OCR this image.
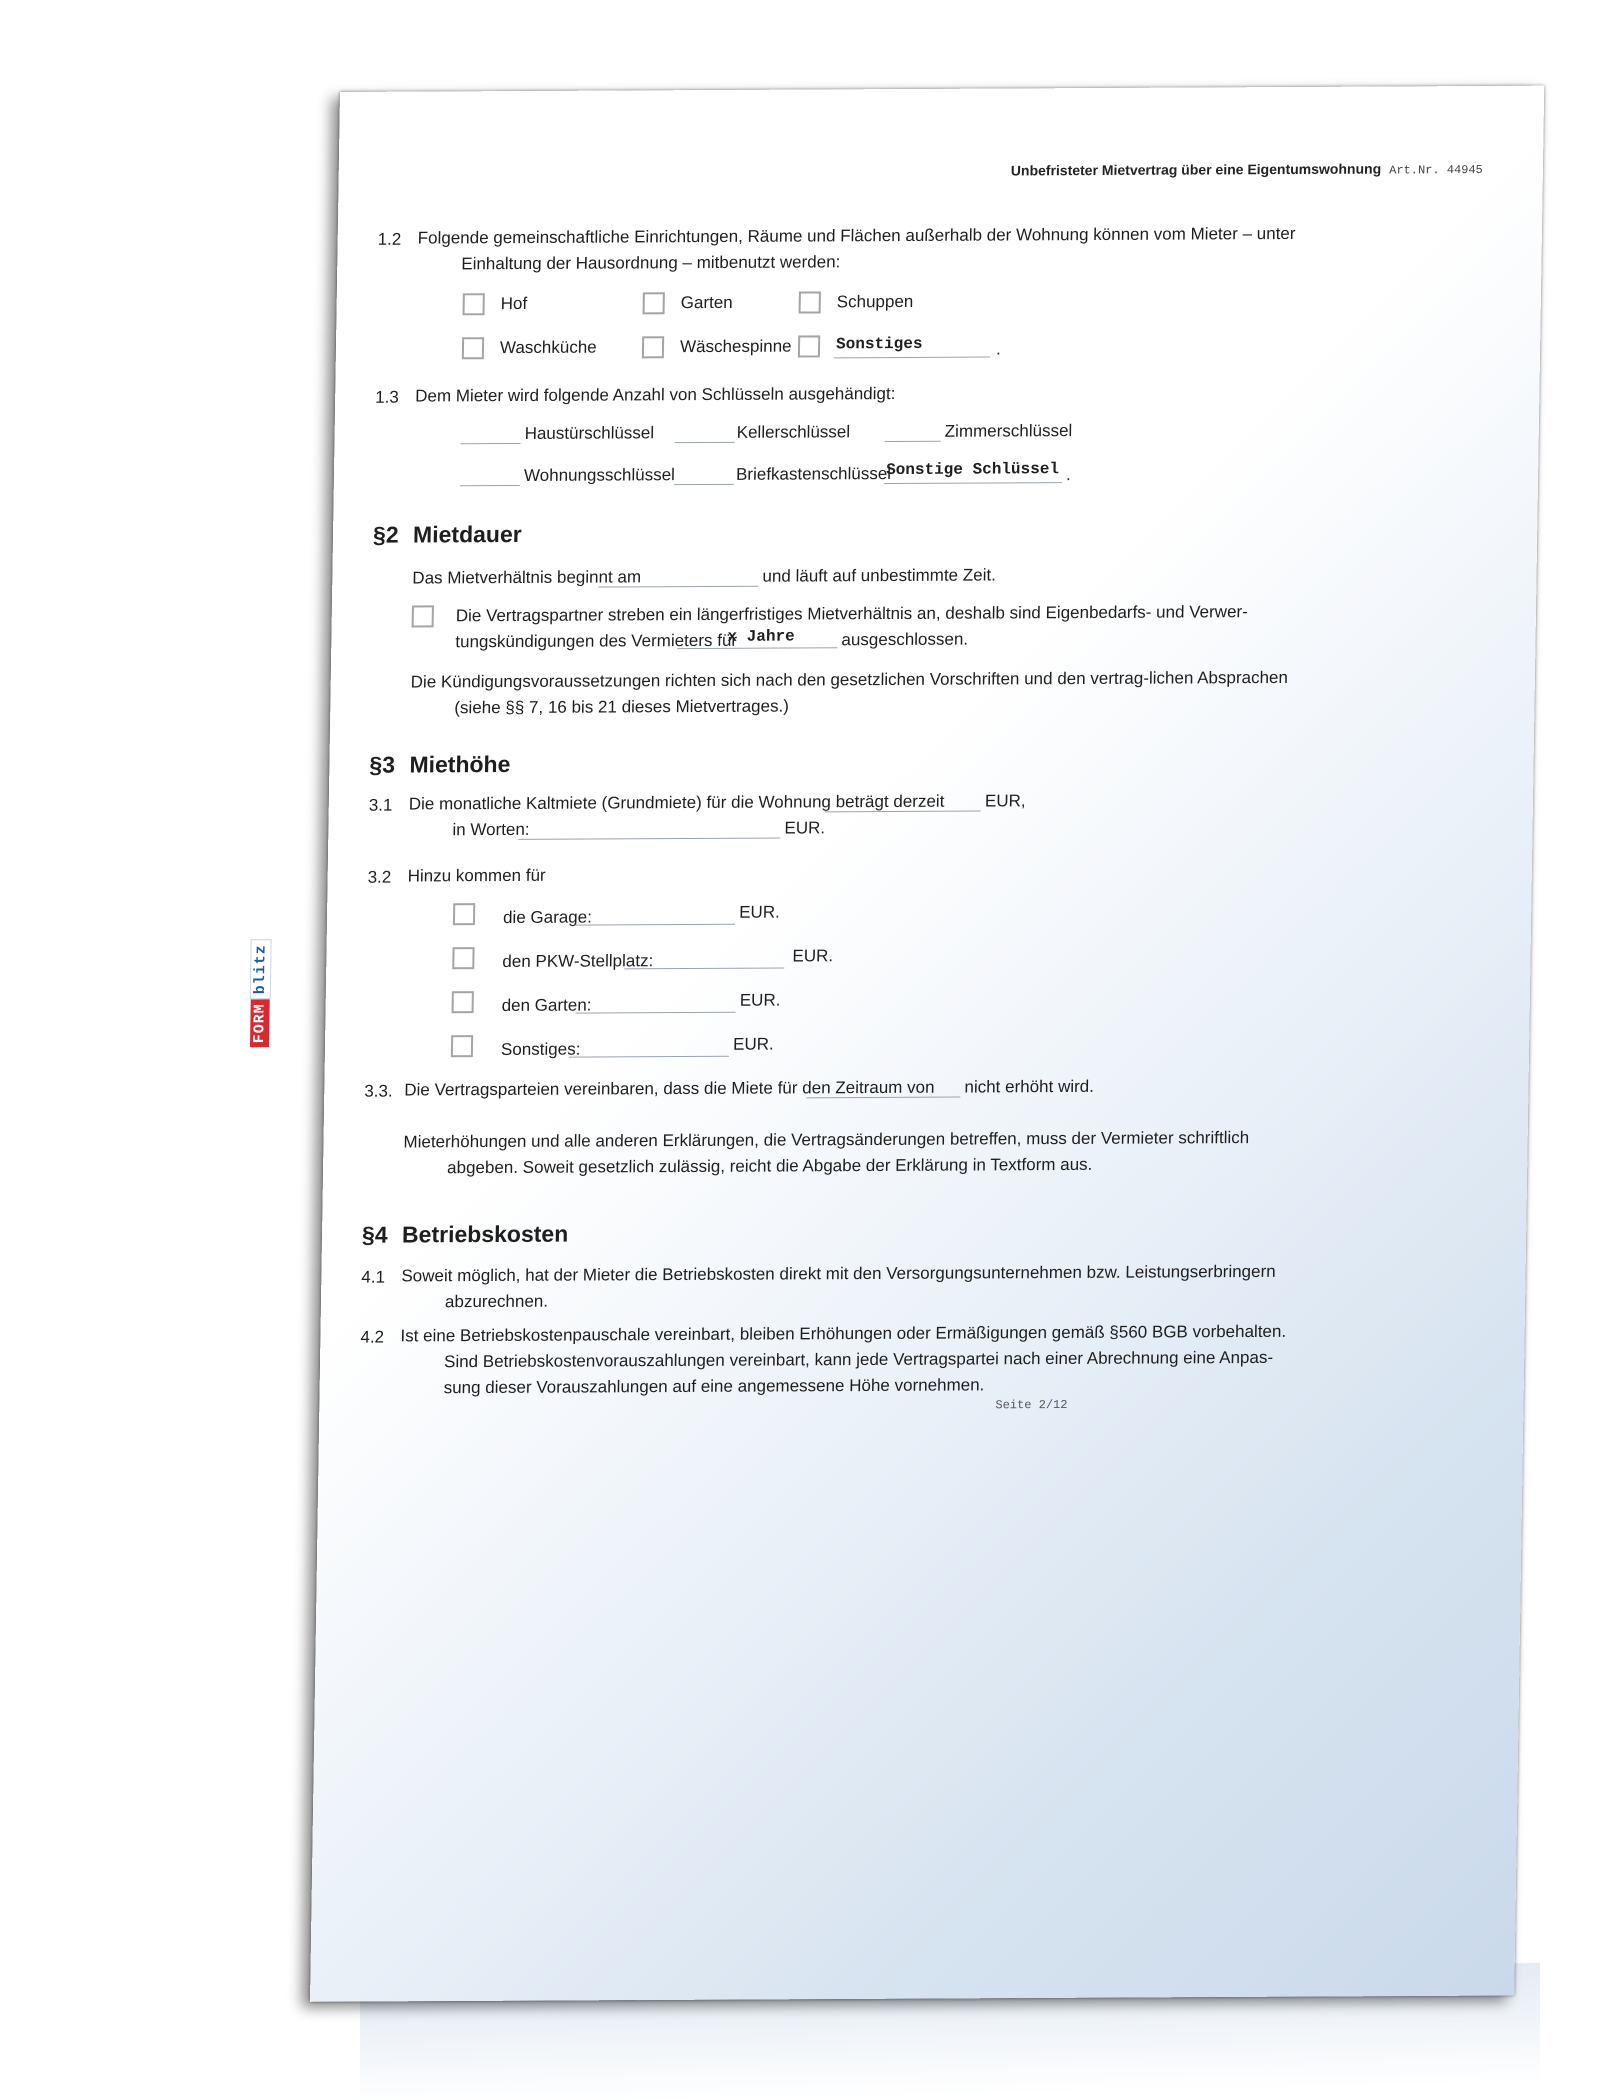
FORM
blitz
Unbefristeter Mietvertrag über eine Eigentumswohnung Art.Nr. 44945
1.2 Folgende gemeinschaftliche Einrichtungen, Räume und Flächen außerhalb der Wohnung können vom Mieter – unter
Einhaltung der Hausordnung – mitbenutzt werden:
Hof	Garten	Schuppen
Waschküche	Wäschespinne	Sonstiges	.
1.3 Dem Mieter wird folgende Anzahl von Schlüsseln ausgehändigt:
Haustürschlüssel	Kellerschlüssel	Zimmerschlüssel
Wohnungsschlüssel	Briefkastenschlüssel
Sonstige Schlüssel .
§2 Mietdauer
Das Mietverhältnis beginnt am	und läuft auf unbestimmte Zeit.
Die Vertragspartner streben ein längerfristiges Mietverhältnis an, deshalb sind Eigenbedarfs- und Verwer-
tungskündigungen des Vermieters für
x Jahre	ausgeschlossen.
Die Kündigungsvoraussetzungen richten sich nach den gesetzlichen Vorschriften und den vertrag-lichen Absprachen
(siehe §§ 7, 16 bis 21 dieses Mietvertrages.)
§3 Miethöhe
3.1 Die monatliche Kaltmiete (Grundmiete) für die Wohnung beträgt derzeit EUR,
in Worten:	EUR.
3.2 Hinzu kommen für
die Garage:	EUR.
den PKW-Stellplatz:	EUR.
den Garten:	EUR.
Sonstiges:	EUR.
3.3. Die Vertragsparteien vereinbaren, dass die Miete für den Zeitraum von nicht erhöht wird.
Mieterhöhungen und alle anderen Erklärungen, die Vertragsänderungen betreffen, muss der Vermieter schriftlich
abgeben. Soweit gesetzlich zulässig, reicht die Abgabe der Erklärung in Textform aus.
§4 Betriebskosten
4.1 Soweit möglich, hat der Mieter die Betriebskosten direkt mit den Versorgungsunternehmen bzw. Leistungserbringern
abzurechnen.
4.2 Ist eine Betriebskostenpauschale vereinbart, bleiben Erhöhungen oder Ermäßigungen gemäß §560 BGB vorbehalten.
Sind Betriebskostenvorauszahlungen vereinbart, kann jede Vertragspartei nach einer Abrechnung eine Anpas-
sung dieser Vorauszahlungen auf eine angemessene Höhe vornehmen.
Seite 2/12
